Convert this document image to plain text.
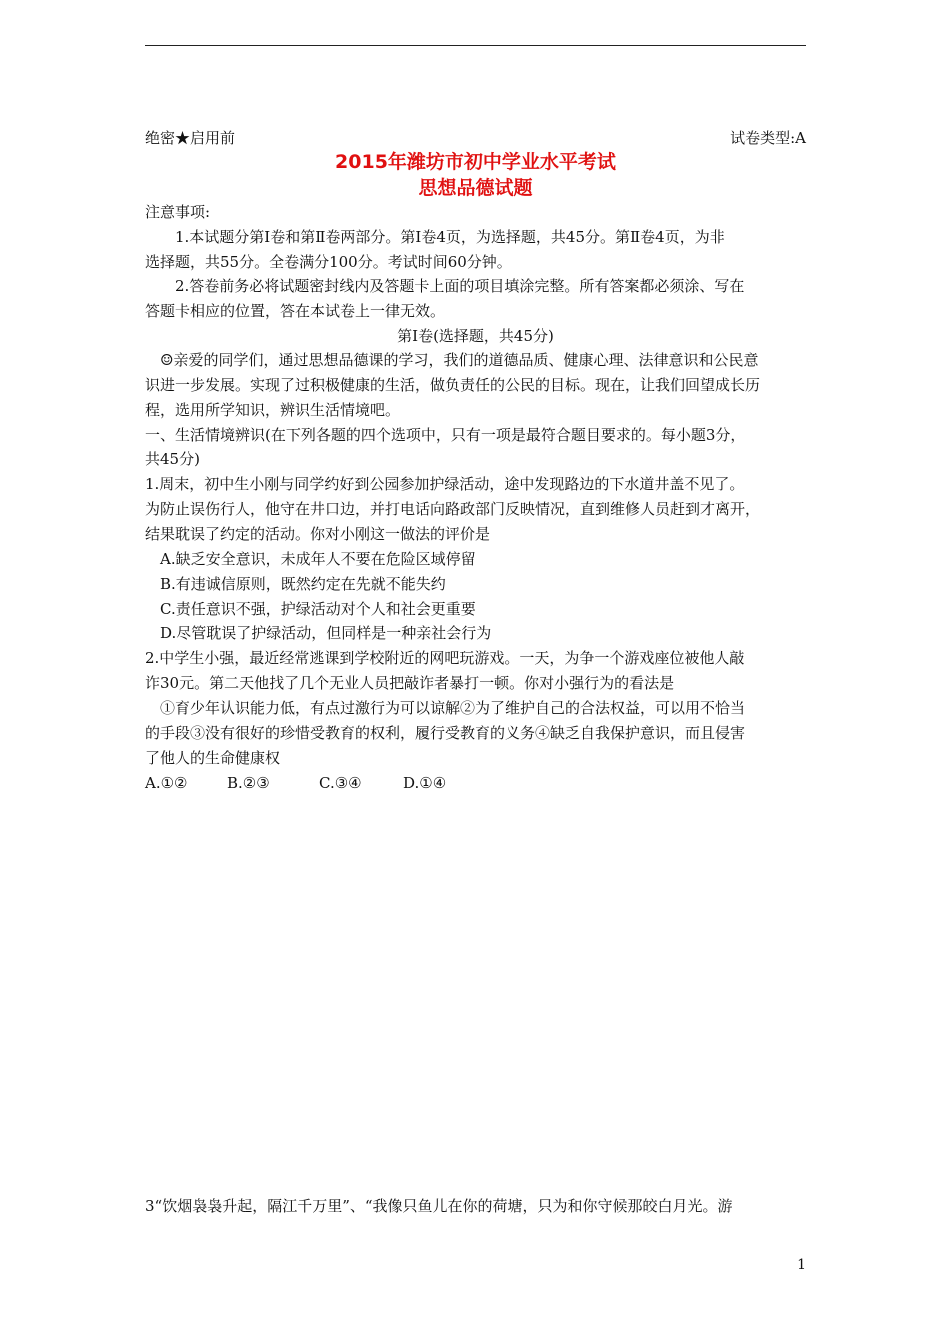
绝密★启用前	试卷类型:A
2015年潍坊市初中学业水平考试
思想品德试题
注意事项:
1.本试题分第Ⅰ卷和第Ⅱ卷两部分。第Ⅰ卷4页，为选择题，共45分。第Ⅱ卷4页，为非
选择题，共55分。全卷满分100分。考试时间60分钟。
2.答卷前务必将试题密封线内及答题卡上面的项目填涂完整。所有答案都必须涂、写在
答题卡相应的位置，答在本试卷上一律无效。
第Ⅰ卷(选择题，共45分)
☺亲爱的同学们，通过思想品德课的学习，我们的道德品质、健康心理、法律意识和公民意
识进一步发展。实现了过积极健康的生活，做负责任的公民的目标。现在，让我们回望成长历
程，选用所学知识，辨识生活情境吧。
一、生活情境辨识(在下列各题的四个选项中，只有一项是最符合题目要求的。每小题3分，
共45分)
1.周末，初中生小刚与同学约好到公园参加护绿活动，途中发现路边的下水道井盖不见了。
为防止误伤行人，他守在井口边，并打电话向路政部门反映情况，直到维修人员赶到才离开，
结果耽误了约定的活动。你对小刚这一做法的评价是
A.缺乏安全意识，未成年人不要在危险区域停留
B.有违诚信原则，既然约定在先就不能失约
C.责任意识不强，护绿活动对个人和社会更重要
D.尽管耽误了护绿活动，但同样是一种亲社会行为
2.中学生小强，最近经常逃课到学校附近的网吧玩游戏。一天，为争一个游戏座位被他人敲
诈30元。第二天他找了几个无业人员把敲诈者暴打一顿。你对小强行为的看法是
①育少年认识能力低，有点过激行为可以谅解②为了维护自己的合法权益，可以用不恰当
的手段③没有很好的珍惜受教育的权利，履行受教育的义务④缺乏自我保护意识，而且侵害
了他人的生命健康权
A.①②	B.②③	C.③④	D.①④
3“饮烟袅袅升起，隔江千万里”、“我像只鱼儿在你的荷塘，只为和你守候那皎白月光。游
1
